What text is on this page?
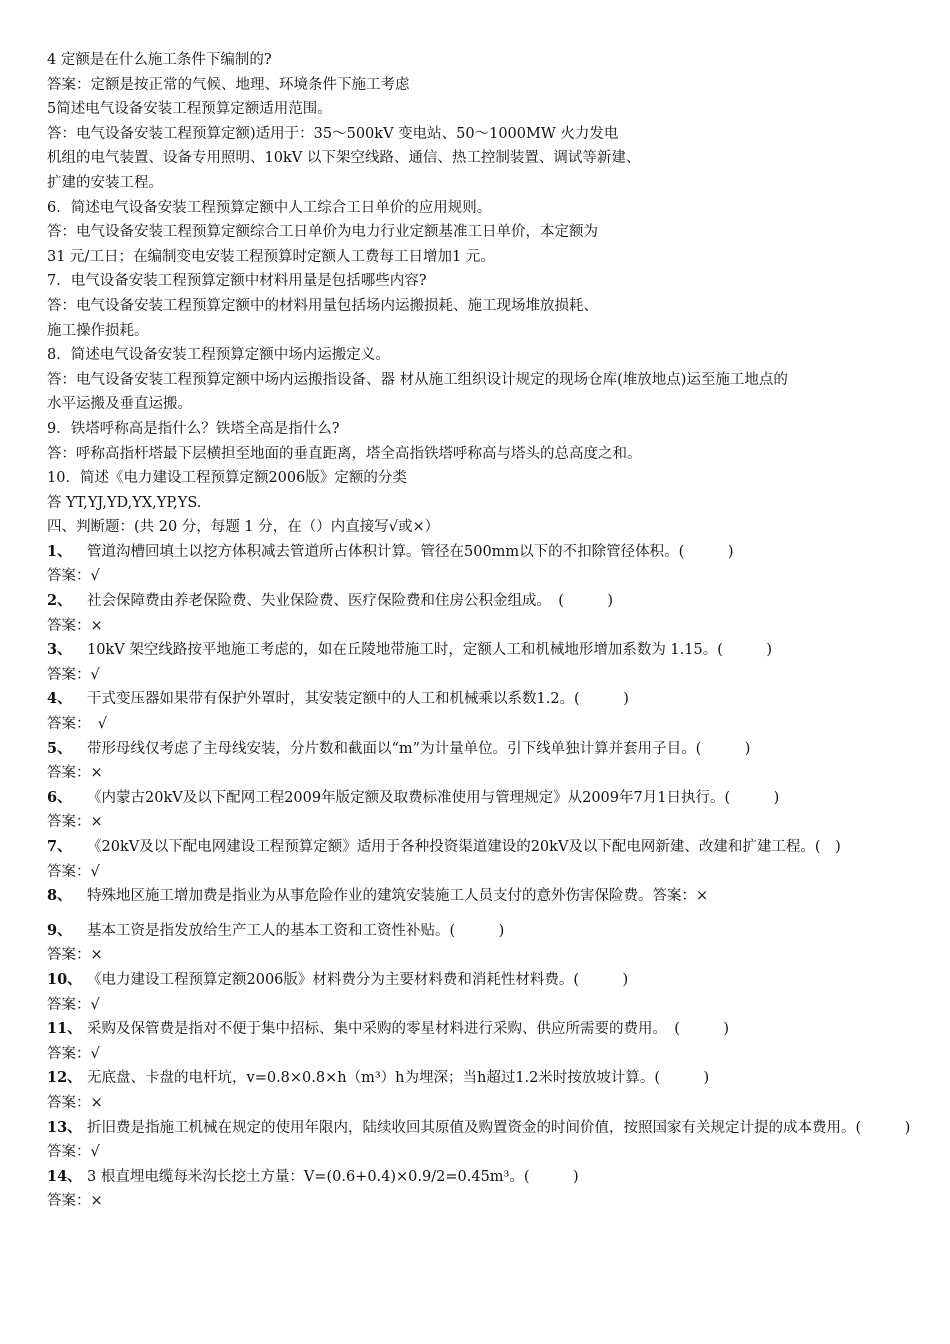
4 定额是在什么施工条件下编制的?
答案：定额是按正常的气候、地理、环境条件下施工考虑
5简述电气设备安装工程预算定额适用范围。
答：电气设备安装工程预算定额)适用于：35～500kV 变电站、50～1000MW 火力发电
机组的电气装置、设备专用照明、10kV 以下架空线路、通信、热工控制装置、调试等新建、
扩建的安装工程。
6．简述电气设备安装工程预算定额中人工综合工日单价的应用规则。
答：电气设备安装工程预算定额综合工日单价为电力行业定额基准工日单价，本定额为
31 元/工日；在编制变电安装工程预算时定额人工费每工日增加1 元。
7．电气设备安装工程预算定额中材料用量是包括哪些内容?
答：电气设备安装工程预算定额中的材料用量包括场内运搬损耗、施工现场堆放损耗、
施工操作损耗。
8．简述电气设备安装工程预算定额中场内运搬定义。
答：电气设备安装工程预算定额中场内运搬指设备、器 材从施工组织设计规定的现场仓库(堆放地点)运至施工地点的
水平运搬及垂直运搬。
9．铁塔呼称高是指什么？铁塔全高是指什么?
答：呼称高指杆塔最下层横担至地面的垂直距离，塔全高指铁塔呼称高与塔头的总高度之和。
10．简述《电力建设工程预算定额2006版》定额的分类
答 YT,YJ,YD,YX,YP,YS.
四、判断题：(共 20 分，每题 1 分，在（）内直接写√或×）
1、 管道沟槽回填土以挖方体积减去管道所占体积计算。管径在500mm以下的不扣除管径体积。(　　　)
答案：√
2、 社会保障费由养老保险费、失业保险费、医疗保险费和住房公积金组成。　(　　　)
答案：×
3、 10kV 架空线路按平地施工考虑的，如在丘陵地带施工时，定额人工和机械地形增加系数为 1.15。(　　　)
答案：√
4、 干式变压器如果带有保护外罩时，其安装定额中的人工和机械乘以系数1.2。(　　　)
答案：　√
5、 带形母线仅考虑了主母线安装，分片数和截面以“m”为计量单位。引下线单独计算并套用子目。(　　　)
答案：×
6、 《内蒙古20kV及以下配网工程2009年版定额及取费标准使用与管理规定》从2009年7月1日执行。(　　　)
答案：×
7、 《20kV及以下配电网建设工程预算定额》适用于各种投资渠道建设的20kV及以下配电网新建、改建和扩建工程。(　)
答案：√
8、 特殊地区施工增加费是指业为从事危险作业的建筑安装施工人员支付的意外伤害保险费。答案：×
9、 基本工资是指发放给生产工人的基本工资和工资性补贴。(　　　)
答案：×
10、 《电力建设工程预算定额2006版》材料费分为主要材料费和消耗性材料费。(　　　)
答案：√
11、 采购及保管费是指对不便于集中招标、集中采购的零星材料进行采购、供应所需要的费用。　(　　　)
答案：√
12、 无底盘、卡盘的电杆坑，v=0.8×0.8×h（m³）h为埋深；当h超过1.2米时按放坡计算。(　　　)
答案：×
13、 折旧费是指施工机械在规定的使用年限内，陆续收回其原值及购置资金的时间价值，按照国家有关规定计提的成本费用。(　　　)
答案：√
14、 3 根直埋电缆每米沟长挖土方量：V=(0.6+0.4)×0.9/2=0.45m³。(　　　)
答案：×
